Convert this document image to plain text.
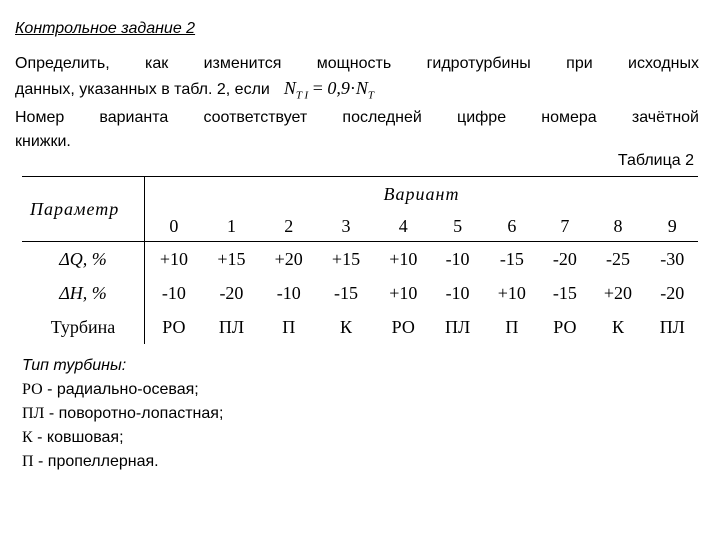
Контрольное задание 2
Определить, как изменится мощность гидротурбины при исходных
данных, указанных в табл. 2, если $N_{T I} = 0,9\cdot N_T$
Номер варианта соответствует последней цифре номера зачётной
книжки.
Таблица 2
Параметр	Вариант									
	0	1	2	3	4	5	6	7	8	9
ΔQ, %	+10	+15	+20	+15	+10	-10	-15	-20	-25	-30
ΔH, %	-10	-20	-10	-15	+10	-10	+10	-15	+20	-20
Турбина	РО	ПЛ	П	К	РО	ПЛ	П	РО	К	ПЛ
Тип турбины:
РО - радиально-осевая;
ПЛ - поворотно-лопастная;
К - ковшовая;
П - пропеллерная.
